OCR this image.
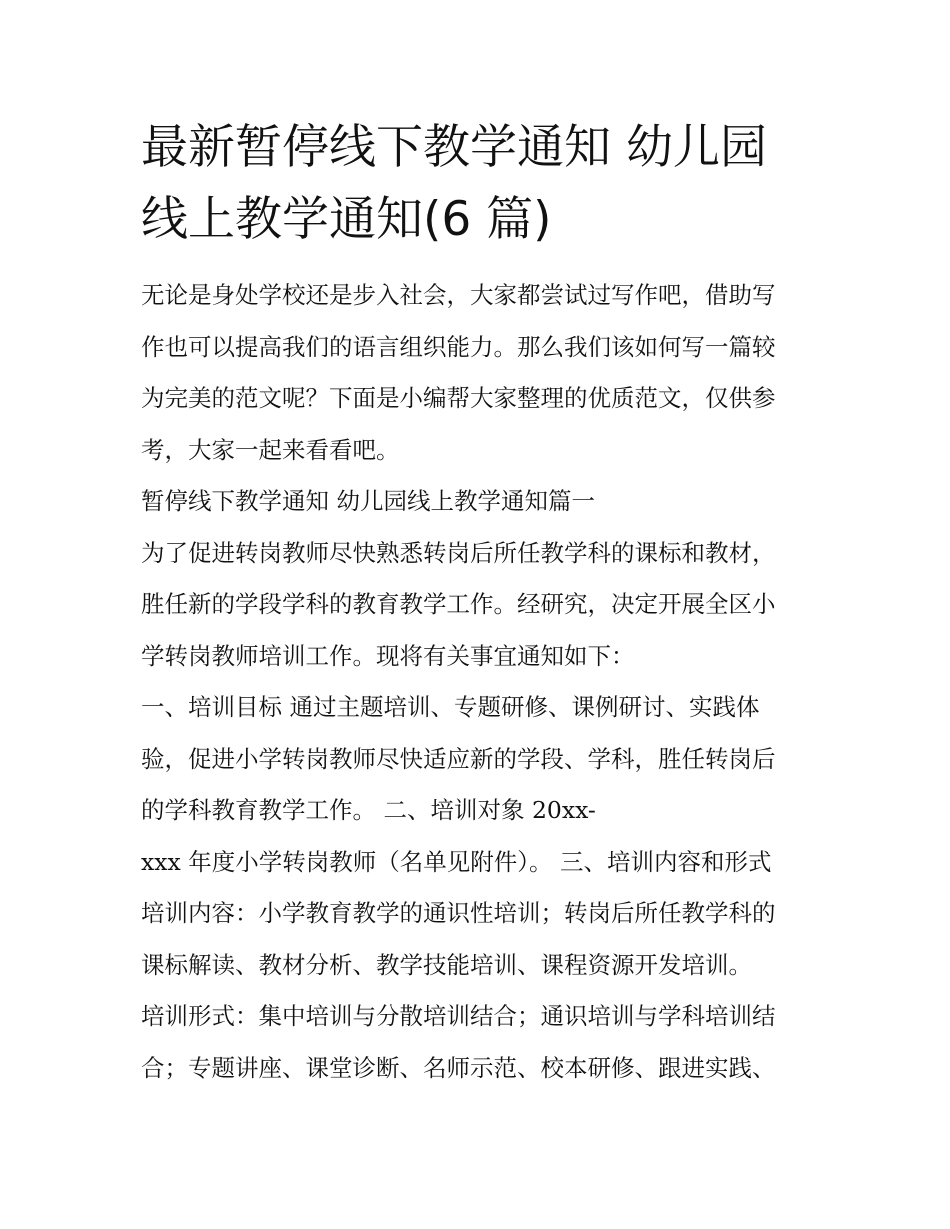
最新暂停线下教学通知 幼儿园
线上教学通知(6 篇)
无论是身处学校还是步入社会，大家都尝试过写作吧，借助写
作也可以提高我们的语言组织能力。那么我们该如何写一篇较
为完美的范文呢？下面是小编帮大家整理的优质范文，仅供参
考，大家一起来看看吧。
暂停线下教学通知 幼儿园线上教学通知篇一
为了促进转岗教师尽快熟悉转岗后所任教学科的课标和教材，
胜任新的学段学科的教育教学工作。经研究，决定开展全区小
学转岗教师培训工作。现将有关事宜通知如下：
一、培训目标 通过主题培训、专题研修、课例研讨、实践体
验，促进小学转岗教师尽快适应新的学段、学科，胜任转岗后
的学科教育教学工作。 二、培训对象 20xx-
xxx 年度小学转岗教师（名单见附件）。 三、培训内容和形式
培训内容：小学教育教学的通识性培训；转岗后所任教学科的
课标解读、教材分析、教学技能培训、课程资源开发培训。
培训形式：集中培训与分散培训结合；通识培训与学科培训结
合；专题讲座、课堂诊断、名师示范、校本研修、跟进实践、
